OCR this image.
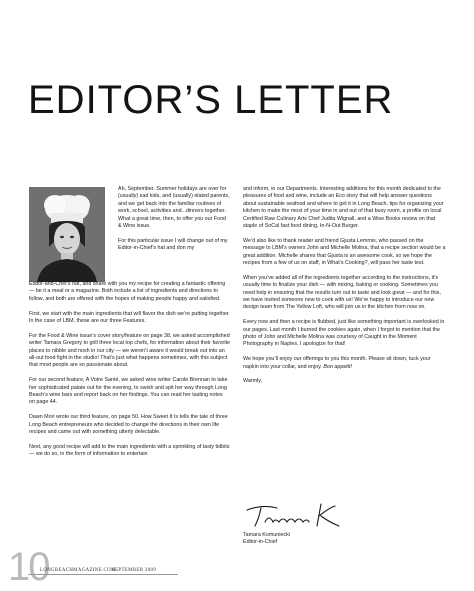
EDITOR’S LETTER

Ah, September. Summer holidays are over for (usually) sad kids, and (usually) elated parents, and we get back into the familiar routines of work, school, activities and...dinners together. What a great time, then, to offer you our Food & Wine issue.

For this particular issue I will change out of my Editor-in-Chief’s hat and don my

Editor-and-Chef’s hat, and share with you my recipe for creating a fantastic offering — be it a meal or a magazine. Both include a list of ingredients and directions to follow, and both are offered with the hopes of making people happy and satisfied.

First, we start with the main ingredients that will flavor the dish we’re putting together. In the case of LBM, these are our three Features.

For the Food & Wine issue’s cover story/feature on page 38, we asked accomplished writer Tamara Gregory to grill three local top chefs, for information about their favorite places to nibble and nosh in our city — we weren’t aware it would break out into an all-out food fight in the studio! That’s just what happens sometimes, with this subject that most people are so passionate about.

For our second feature, A Votre Santé, we asked wine writer Carole Brennan to take her sophisticated palate out for the evening, to swish and spit her way through Long Beach’s wine bars and report back on her findings. You can read her tasting notes on page 44.

Dawn Mori wrote our third feature, on page 50. How Sweet It Is tells the tale of three Long Beach entrepreneurs who decided to change the directions in their own life recipes and came out with something utterly delectable.

Next, any good recipe will add to the main ingredients with a sprinkling of tasty tidbits — we do so, in the form of information to entertain

and inform, in our Departments. Interesting additions for this month dedicated to the pleasures of food and wine, include an Eco story that will help answer questions about sustainable seafood and where to get it in Long Beach, tips for organizing your kitchen to make the most of your time in and out of that busy room, a profile on local Certified Raw Culinary Arts Chef Judita Wignall, and a Wise Books review on that staple of SoCal fast food dining, In-N-Out Burger.

We’d also like to thank reader and friend Gjusta Lemmis, who passed on the message to LBM’s owners John and Michelle Molina, that a recipe section would be a great addition. Michelle shares that Gjusta is an awesome cook, so we hope the recipes from a few of us on staff, in What’s Cooking?, will pass her taste test.

When you’ve added all of the ingredients together according to the instructions, it’s usually time to finalize your dish — with mixing, baking or cooking. Sometimes you need help in ensuring that the results turn out to taste and look great — and for this, we have invited someone new to cook with us! We’re happy to introduce our new design team from The Yellow Loft, who will join us in the kitchen from now on.

Every now and then a recipe is flubbed, just like something important is overlooked in our pages. Last month I burned the cookies again, when I forgot to mention that the photo of John and Michelle Molina was courtesy of Caught in the Moment Photography in Naples. I apologize for that!

We hope you’ll enjoy our offerings to you this month. Please sit down, tuck your napkin into your collar, and enjoy. Bon appetit!

Warmly,

Tamara Komuniecki
Editor-in-Chief
10
LONGBEACHMAGAZINE.COM
SEPTEMBER 2009
